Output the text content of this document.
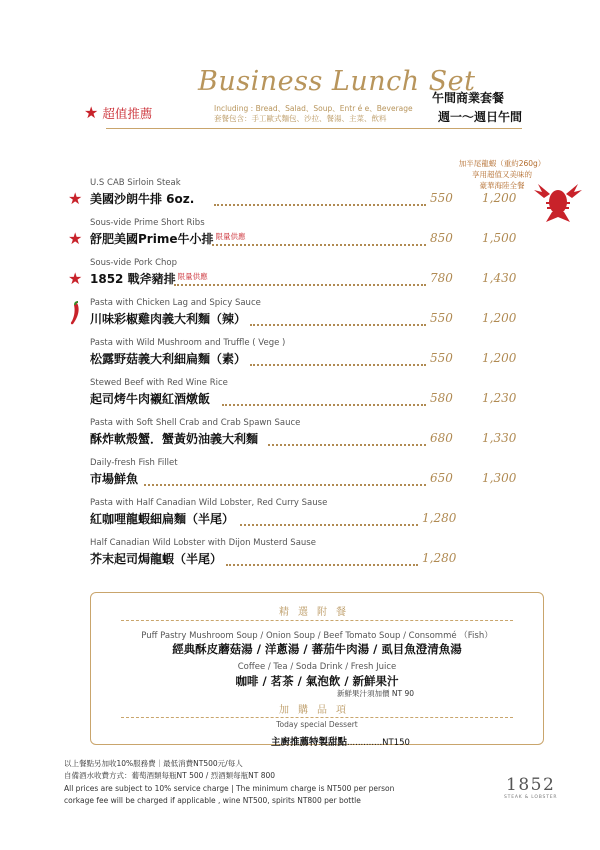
Business Lunch Set
Including : Bread、Salad、Soup、Entr é e、Beverage
套餐包含：手工歐式麵包、沙拉、餐湯、主菜、飲料
★ 超值推薦
午間商業套餐
週一～週日午間
加半尾龍蝦（重約260g）
享用超值又美味的
豪華海陸全餐
U.S CAB Sirloin Steak
美國沙朗牛排 6oz.	550 1,200
★
Sous-vide Prime Short Ribs
舒肥美國Prime牛小排 $^{限量供應}$	850 1,500
★
Sous-vide Pork Chop
1852 戰斧豬排 $^{限量供應}$	780 1,430
★
Pasta with Chicken Lag and Spicy Sauce
川味彩椒雞肉義大利麵（辣）	550 1,200
Pasta with Wild Mushroom and Truffle ( Vege )
松露野菇義大利細扁麵（素）	550 1,200
Stewed Beef with Red Wine Rice
起司烤牛肉襯紅酒燉飯	580 1,230
Pasta with Soft Shell Crab and Crab Spawn Sauce
酥炸軟殼蟹．蟹黃奶油義大利麵	680 1,330
Daily-fresh Fish Fillet
市場鮮魚	650 1,300
Pasta with Half Canadian Wild Lobster, Red Curry Sause
紅咖哩龍蝦細扁麵（半尾）	1,280
Half Canadian Wild Lobster with Dijon Musterd Sause
芥末起司焗龍蝦（半尾）	1,280
精選附餐
Puff Pastry Mushroom Soup / Onion Soup / Beef Tomato Soup / Consommé （Fish）
經典酥皮蘑菇湯 / 洋蔥湯 / 蕃茄牛肉湯 / 虱目魚澄清魚湯
Coffee / Tea / Soda Drink / Fresh Juice
咖啡 / 茗茶 / 氣泡飲 / 新鮮果汁
新鮮果汁須加價 NT 90
加購品項
Today special Dessert
主廚推薦特製甜點.............NT150
以上餐點另加收10%服務費｜最低消費NT500元/每人
自備酒水收費方式：葡萄酒類每瓶NT 500 / 烈酒類每瓶NT 800
All prices are subject to 10% service charge | The minimum charge is NT500 per person
corkage fee will be charged if applicable , wine NT500, spirits NT800 per bottle
1852
STEAK & LOBSTER
